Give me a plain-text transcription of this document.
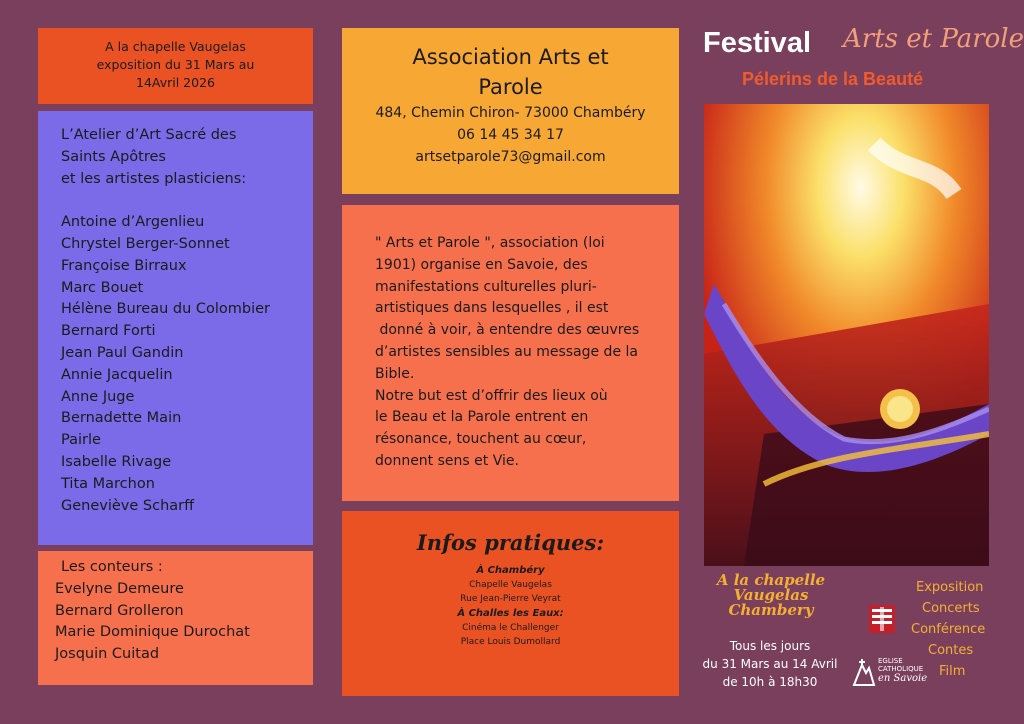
A la chapelle Vaugelas
exposition du 31 Mars au
14Avril 2026
Association Arts et
Parole
484, Chemin Chiron- 73000 Chambéry
06 14 45 34 17
artsetparole73@gmail.com
L’Atelier d’Art Sacré des
Saints Apôtres
et les artistes plasticiens:
Antoine d’Argenlieu
Chrystel Berger-Sonnet
Françoise Birraux
Marc Bouet
Hélène Bureau du Colombier
Bernard Forti
Jean Paul Gandin
Annie Jacquelin
Anne Juge
Bernadette Main
Pairle
Isabelle Rivage
Tita Marchon
Geneviève Scharff
" Arts et Parole ", association (loi
1901) organise en Savoie, des
manifestations culturelles pluri-
artistiques dans lesquelles , il est
donné à voir, à entendre des œuvres
d’artistes sensibles au message de la
Bible.
Notre but est d’offrir des lieux où
le Beau et la Parole entrent en
résonance, touchent au cœur,
donnent sens et Vie.
Les conteurs :
Evelyne Demeure
Bernard Grolleron
Marie Dominique Durochat
Josquin Cuitad
Infos pratiques:
À Chambéry
Chapelle Vaugelas
Rue Jean-Pierre Veyrat
À Challes les Eaux:
Cinéma le Challenger
Place Louis Dumollard
Festival Arts et Parole
Pélerins de la Beauté
A la chapelle
Vaugelas
Chambery
Tous les jours
du 31 Mars au 14 Avril
de 10h à 18h30
Exposition
Concerts
Conférence
Contes
Film
EGLISE
CATHOLIQUE
en Savoie
